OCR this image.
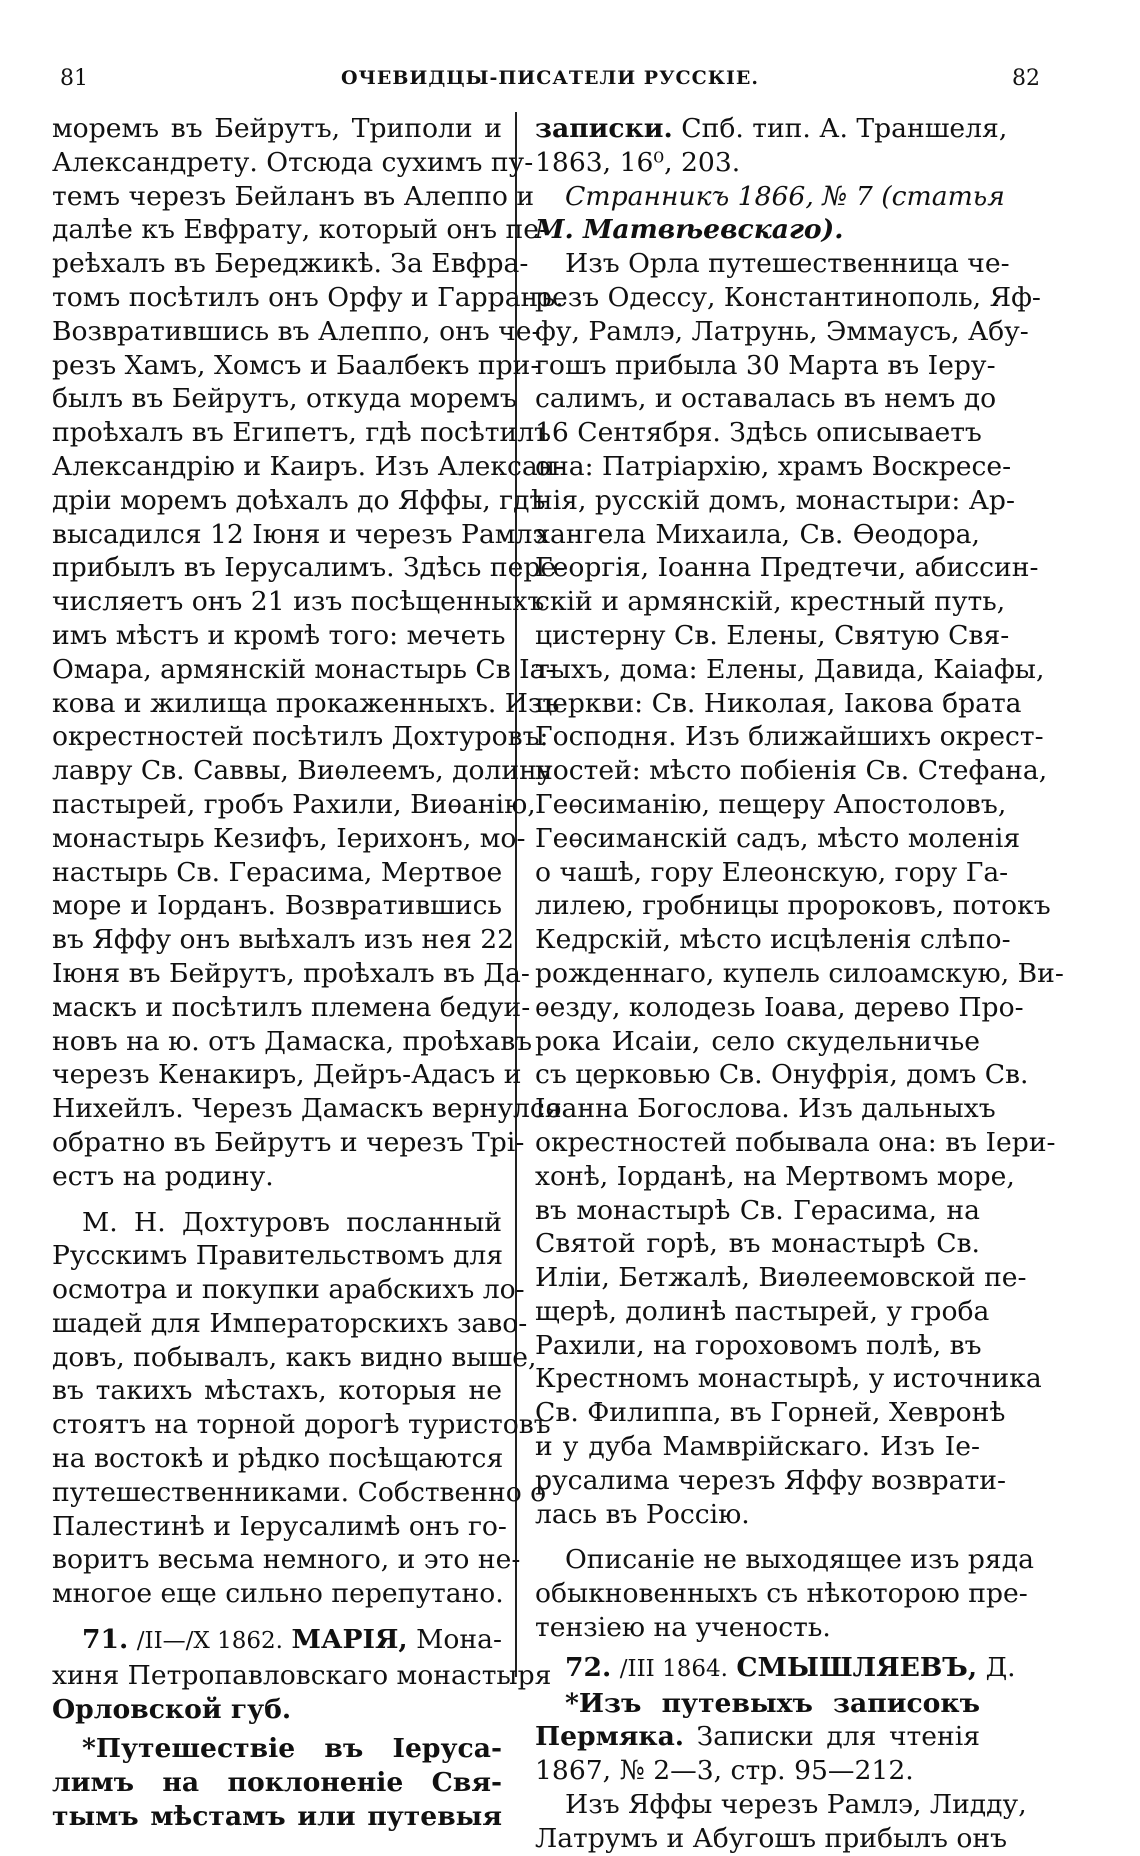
81	ОЧЕВИДЦЫ-ПИСАТЕЛИ РУССКІЕ.	82
моремъ въ Бейрутъ, Триполи и
Александрету. Отсюда сухимъ пу-
темъ черезъ Бейланъ въ Алеппо и
далѣе къ Евфрату, который онъ пе-
реѣхалъ въ Береджикѣ. За Евфра-
томъ посѣтилъ онъ Орфу и Гарранъ.
Возвратившись въ Алеппо, онъ че-
резъ Хамъ, Хомсъ и Баалбекъ при-
былъ въ Бейрутъ, откуда моремъ
проѣхалъ въ Египетъ, гдѣ посѣтилъ
Александрію и Каиръ. Изъ Алексан-
дріи моремъ доѣхалъ до Яффы, гдѣ
высадился 12 Іюня и черезъ Рамлэ
прибылъ въ Іерусалимъ. Здѣсь пере-
числяетъ онъ 21 изъ посѣщенныхъ
имъ мѣстъ и кромѣ того: мечеть
Омара, армянскій монастырь Св Іа-
кова и жилища прокаженныхъ. Изъ
окрестностей посѣтилъ Дохтуровъ:
лавру Св. Саввы, Виѳлеемъ, долину
пастырей, гробъ Рахили, Виѳанію,
монастырь Кезифъ, Іерихонъ, мо-
настырь Св. Герасима, Мертвое
море и Іорданъ. Возвратившись
въ Яффу онъ выѣхалъ изъ нея 22
Іюня въ Бейрутъ, проѣхалъ въ Да-
маскъ и посѣтилъ племена бедуи-
новъ на ю. отъ Дамаска, проѣхавъ
черезъ Кенакиръ, Дейръ-Адасъ и
Нихейлъ. Черезъ Дамаскъ вернулся
обратно въ Бейрутъ и черезъ Трі-
естъ на родину.
М. Н. Дохтуровъ посланный
Русскимъ Правительствомъ для
осмотра и покупки арабскихъ ло-
шадей для Императорскихъ заво-
довъ, побывалъ, какъ видно выше,
въ такихъ мѣстахъ, которыя не
стоятъ на торной дорогѣ туристовъ
на востокѣ и рѣдко посѣщаются
путешественниками. Собственно о
Палестинѣ и Іерусалимѣ онъ го-
воритъ весьма немного, и это не-
многое еще сильно перепутано.
71. /II—/X 1862. МАРІЯ, Мона-
хиня Петропавловскаго монастыря
Орловской губ.
*Путешествіе въ Іеруса-
лимъ на поклоненіе Свя-
тымъ мѣстамъ или путевыя
записки. Спб. тип. А. Траншеля,
1863, 16⁰, 203.
Странникъ 1866, № 7 (статья
М. Матвѣевскаго).
Изъ Орла путешественница че-
резъ Одессу, Константинополь, Яф-
фу, Рамлэ, Латрунь, Эммаусъ, Абу-
гошъ прибыла 30 Марта въ Іеру-
салимъ, и оставалась въ немъ до
16 Сентября. Здѣсь описываетъ
она: Патріархію, храмъ Воскресе-
нія, русскій домъ, монастыри: Ар-
хангела Михаила, Св. Ѳеодора,
Георгія, Іоанна Предтечи, абиссин-
скій и армянскій, крестный путь,
цистерну Св. Елены, Святую Свя-
тыхъ, дома: Елены, Давида, Каіафы,
церкви: Св. Николая, Іакова брата
Господня. Изъ ближайшихъ окрест-
ностей: мѣсто побіенія Св. Стефана,
Геѳсиманію, пещеру Апостоловъ,
Геѳсиманскій садъ, мѣсто моленія
о чашѣ, гору Елеонскую, гору Га-
лилею, гробницы пророковъ, потокъ
Кедрскій, мѣсто исцѣленія слѣпо-
рожденнаго, купель силоамскую, Ви-
ѳезду, колодезь Іоава, дерево Про-
рока Исаіи, село скудельничье
съ церковью Св. Онуфрія, домъ Св.
Іоанна Богослова. Изъ дальныхъ
окрестностей побывала она: въ Іери-
хонѣ, Іорданѣ, на Мертвомъ море,
въ монастырѣ Св. Герасима, на
Святой горѣ, въ монастырѣ Св.
Иліи, Бетжалѣ, Виѳлеемовской пе-
щерѣ, долинѣ пастырей, у гроба
Рахили, на гороховомъ полѣ, въ
Крестномъ монастырѣ, у источника
Св. Филиппа, въ Горней, Хевронѣ
и у дуба Мамврійскаго. Изъ Іе-
русалима черезъ Яффу возврати-
лась въ Россію.
Описаніе не выходящее изъ ряда
обыкновенныхъ съ нѣкоторою пре-
тензіею на ученость.
72. /III 1864. СМЫШЛЯЕВЪ, Д.
*Изъ путевыхъ записокъ
Пермяка. Записки для чтенія
1867, № 2—3, стр. 95—212.
Изъ Яффы черезъ Рамлэ, Лидду,
Латрумъ и Абугошъ прибылъ онъ
